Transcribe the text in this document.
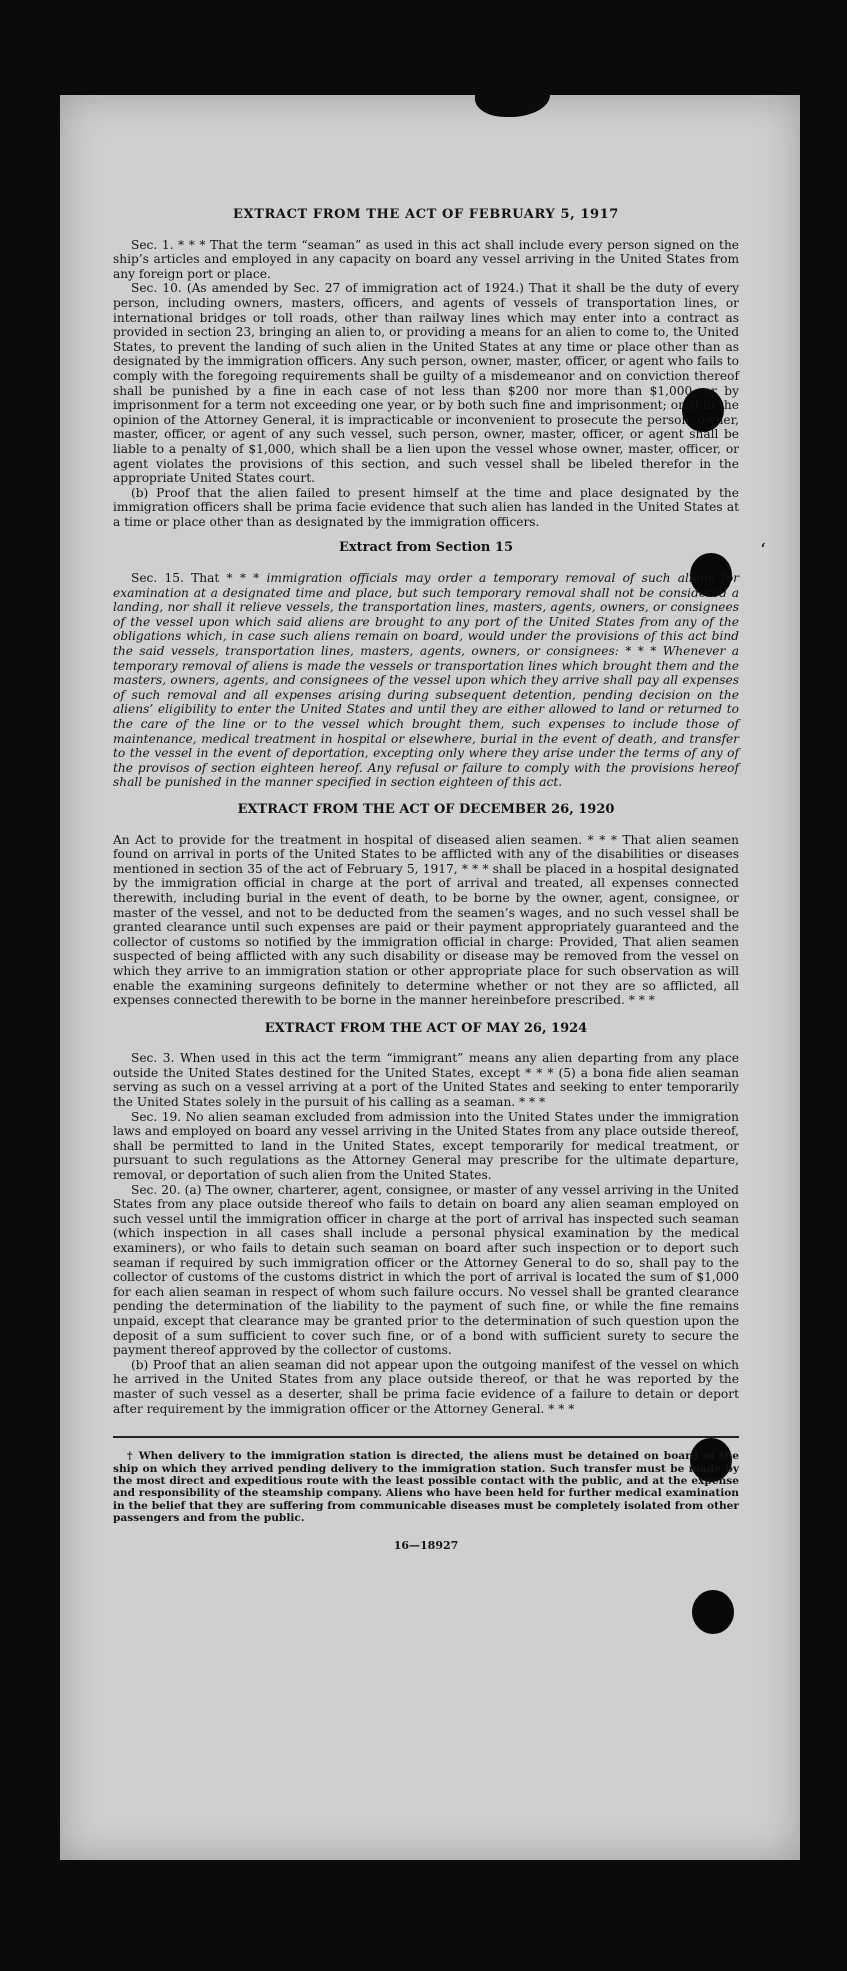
‘
EXTRACT FROM THE ACT OF FEBRUARY 5, 1917

Sec. 1. * * * That the term “seaman” as used in this act shall include every person signed on the ship’s articles and employed in any capacity on board any vessel arriving in the United States from any foreign port or place.

Sec. 10. (As amended by Sec. 27 of immigration act of 1924.) That it shall be the duty of every person, including owners, masters, officers, and agents of vessels of transportation lines, or international bridges or toll roads, other than railway lines which may enter into a contract as provided in section 23, bringing an alien to, or providing a means for an alien to come to, the United States, to prevent the landing of such alien in the United States at any time or place other than as designated by the immigration officers. Any such person, owner, master, officer, or agent who fails to comply with the foregoing requirements shall be guilty of a misdemeanor and on conviction thereof shall be punished by a fine in each case of not less than $200 nor more than $1,000, or by imprisonment for a term not exceeding one year, or by both such fine and imprisonment; or, if in the opinion of the Attorney General, it is impracticable or inconvenient to prosecute the person, owner, master, officer, or agent of any such vessel, such person, owner, master, officer, or agent shall be liable to a penalty of $1,000, which shall be a lien upon the vessel whose owner, master, officer, or agent violates the provisions of this section, and such vessel shall be libeled therefor in the appropriate United States court.

(b) Proof that the alien failed to present himself at the time and place designated by the immigration officers shall be prima facie evidence that such alien has landed in the United States at a time or place other than as designated by the immigration officers.

Extract from Section 15

Sec. 15. That * * * immigration officials may order a temporary removal of such aliens for examination at a designated time and place, but such temporary removal shall not be considered a landing, nor shall it relieve vessels, the transportation lines, masters, agents, owners, or consignees of the vessel upon which said aliens are brought to any port of the United States from any of the obligations which, in case such aliens remain on board, would under the provisions of this act bind the said vessels, transportation lines, masters, agents, owners, or consignees: * * * Whenever a temporary removal of aliens is made the vessels or transportation lines which brought them and the masters, owners, agents, and consignees of the vessel upon which they arrive shall pay all expenses of such removal and all expenses arising during subsequent detention, pending decision on the aliens’ eligibility to enter the United States and until they are either allowed to land or returned to the care of the line or to the vessel which brought them, such expenses to include those of maintenance, medical treatment in hospital or elsewhere, burial in the event of death, and transfer to the vessel in the event of deportation, excepting only where they arise under the terms of any of the provisos of section eighteen hereof. Any refusal or failure to comply with the provisions hereof shall be punished in the manner specified in section eighteen of this act.

EXTRACT FROM THE ACT OF DECEMBER 26, 1920

An Act to provide for the treatment in hospital of diseased alien seamen. * * * That alien seamen found on arrival in ports of the United States to be afflicted with any of the disabilities or diseases mentioned in section 35 of the act of February 5, 1917, * * * shall be placed in a hospital designated by the immigration official in charge at the port of arrival and treated, all expenses connected therewith, including burial in the event of death, to be borne by the owner, agent, consignee, or master of the vessel, and not to be deducted from the seamen’s wages, and no such vessel shall be granted clearance until such expenses are paid or their payment appropriately guaranteed and the collector of customs so notified by the immigration official in charge: Provided, That alien seamen suspected of being afflicted with any such disability or disease may be removed from the vessel on which they arrive to an immigration station or other appropriate place for such observation as will enable the examining surgeons definitely to determine whether or not they are so afflicted, all expenses connected therewith to be borne in the manner hereinbefore prescribed. * * *

EXTRACT FROM THE ACT OF MAY 26, 1924

Sec. 3. When used in this act the term “immigrant” means any alien departing from any place outside the United States destined for the United States, except * * * (5) a bona fide alien seaman serving as such on a vessel arriving at a port of the United States and seeking to enter temporarily the United States solely in the pursuit of his calling as a seaman. * * *

Sec. 19. No alien seaman excluded from admission into the United States under the immigration laws and employed on board any vessel arriving in the United States from any place outside thereof, shall be permitted to land in the United States, except temporarily for medical treatment, or pursuant to such regulations as the Attorney General may prescribe for the ultimate departure, removal, or deportation of such alien from the United States.

Sec. 20. (a) The owner, charterer, agent, consignee, or master of any vessel arriving in the United States from any place outside thereof who fails to detain on board any alien seaman employed on such vessel until the immigration officer in charge at the port of arrival has inspected such seaman (which inspection in all cases shall include a personal physical examination by the medical examiners), or who fails to detain such seaman on board after such inspection or to deport such seaman if required by such immigration officer or the Attorney General to do so, shall pay to the collector of customs of the customs district in which the port of arrival is located the sum of $1,000 for each alien seaman in respect of whom such failure occurs. No vessel shall be granted clearance pending the determination of the liability to the payment of such fine, or while the fine remains unpaid, except that clearance may be granted prior to the determination of such question upon the deposit of a sum sufficient to cover such fine, or of a bond with sufficient surety to secure the payment thereof approved by the collector of customs.

(b) Proof that an alien seaman did not appear upon the outgoing manifest of the vessel on which he arrived in the United States from any place outside thereof, or that he was reported by the master of such vessel as a deserter, shall be prima facie evidence of a failure to detain or deport after requirement by the immigration officer or the Attorney General. * * *

† When delivery to the immigration station is directed, the aliens must be detained on board of the ship on which they arrived pending delivery to the immigration station. Such transfer must be made by the most direct and expeditious route with the least possible contact with the public, and at the expense and responsibility of the steamship company. Aliens who have been held for further medical examination in the belief that they are suffering from communicable diseases must be completely isolated from other passengers and from the public.

16—18927
